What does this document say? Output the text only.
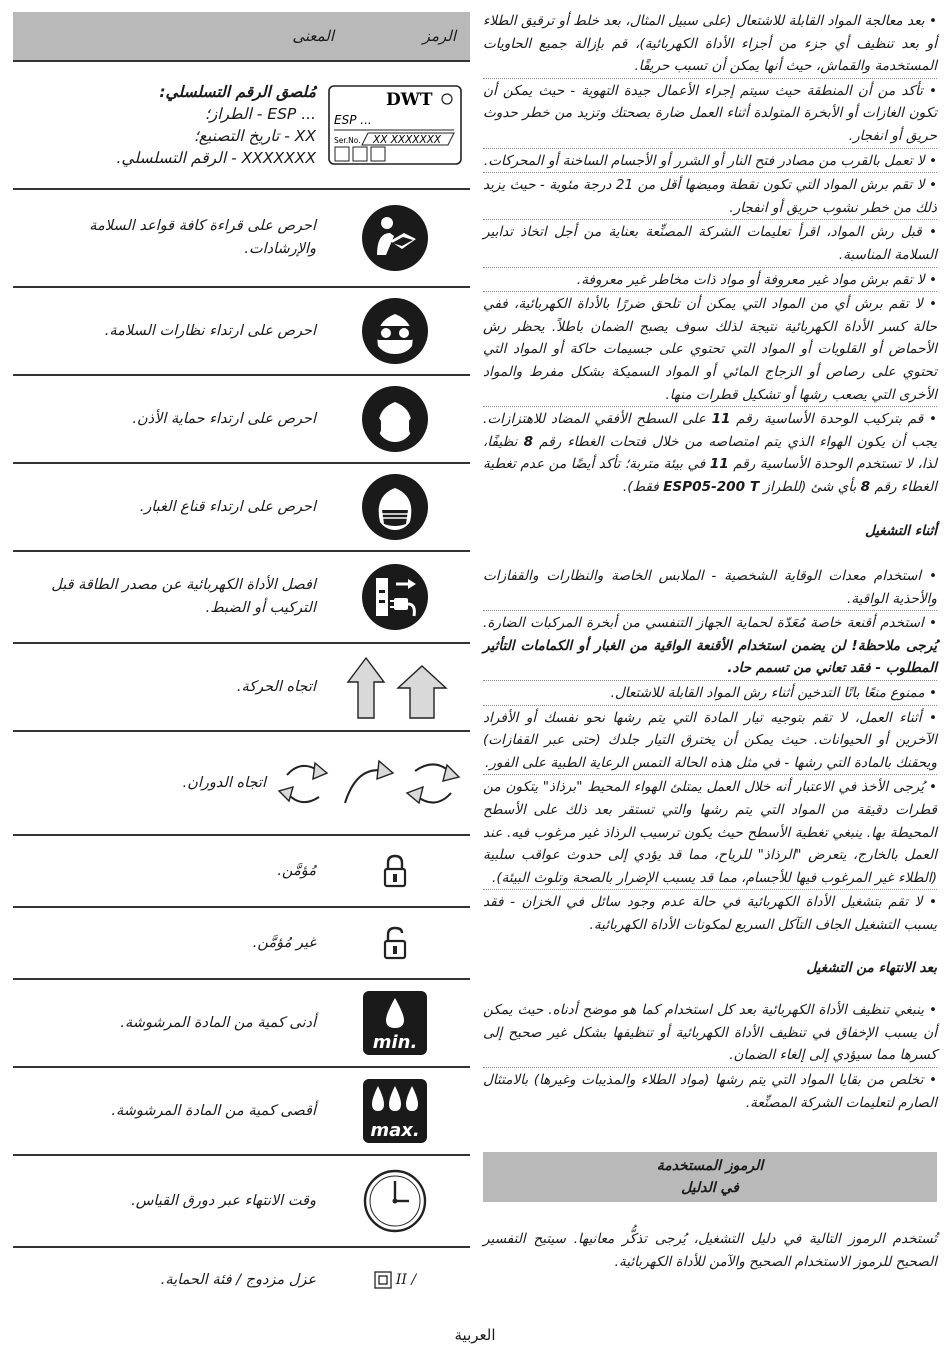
المعنى	الرمز
مُلصق الرقم التسلسلي:
... ESP - الطراز؛
XX - تاريخ التصنيع؛
XXXXXXX - الرقم التسلسلي.
DWT
ESP ...
Ser.No. XX XXXXXXX
احرص على قراءة كافة قواعد السلامة والإرشادات.
احرص على ارتداء نظارات السلامة.
احرص على ارتداء حماية الأذن.
احرص على ارتداء قناع الغبار.
افصل الأداة الكهربائية عن مصدر الطاقة قبل التركيب أو الضبط.
اتجاه الحركة.
اتجاه الدوران.
مُؤمَّن.
غير مُؤمَّن.
أدنى كمية من المادة المرشوشة.
min.
أقصى كمية من المادة المرشوشة.
max.
وقت الانتهاء عبر دورق القياس.
عزل مزدوج / فئة الحماية.	II /

• بعد معالجة المواد القابلة للاشتعال (على سبيل المثال، بعد خلط أو ترقيق الطلاء أو بعد تنظيف أي جزء من أجزاء الأداة الكهربائية)، قم بإزالة جميع الحاويات المستخدمة والقماش، حيث أنها يمكن أن تسبب حريقًا.

• تأكد من أن المنطقة حيث سيتم إجراء الأعمال جيدة التهوية - حيث يمكن أن تكون الغازات أو الأبخرة المتولدة أثناء العمل ضارة بصحتك وتزيد من خطر حدوث حريق أو انفجار.

• لا تعمل بالقرب من مصادر فتح النار أو الشرر أو الأجسام الساخنة أو المحركات.

• لا تقم برش المواد التي تكون نقطة وميضها أقل من 21 درجة مئوية - حيث يزيد ذلك من خطر نشوب حريق أو انفجار.

• قبل رش المواد، اقرأ تعليمات الشركة المصنِّعة بعناية من أجل اتخاذ تدابير السلامة المناسبة.

• لا تقم برش مواد غير معروفة أو مواد ذات مخاطر غير معروفة.

• لا تقم برش أي من المواد التي يمكن أن تلحق ضررًا بالأداة الكهربائية، ففي حالة كسر الأداة الكهربائية نتيجة لذلك سوف يصبح الضمان باطلاً. يحظر رش الأحماض أو القلويات أو المواد التي تحتوي على جسيمات حاكة أو المواد التي تحتوي على رصاص أو الزجاج المائي أو المواد السميكة بشكل مفرط والمواد الأخرى التي يصعب رشها أو تشكيل قطرات منها.

• قم بتركيب الوحدة الأساسية رقم 11 على السطح الأفقي المضاد للاهتزازات. يجب أن يكون الهواء الذي يتم امتصاصه من خلال فتحات الغطاء رقم 8 نظيفًا، لذا، لا تستخدم الوحدة الأساسية رقم 11 في بيئة متربة؛ تأكد أيضًا من عدم تغطية الغطاء رقم 8 بأي شئ (للطراز ESP05-200 T فقط).

أثناء التشغيل

• استخدام معدات الوقاية الشخصية - الملابس الخاصة والنظارات والقفازات والأحذية الواقية.

• استخدم أقنعة خاصة مُعَدّة لحماية الجهاز التنفسي من أبخرة المركبات الضارة. يُرجى ملاحظة! لن يضمن استخدام الأقنعة الواقية من الغبار أو الكمامات التأثير المطلوب - فقد تعاني من تسمم حاد.

• ممنوع منعًا باتًا التدخين أثناء رش المواد القابلة للاشتعال.

• أثناء العمل، لا تقم بتوجيه تيار المادة التي يتم رشها نحو نفسك أو الأفراد الآخرين أو الحيوانات. حيث يمكن أن يخترق التيار جلدك (حتى عبر القفازات) ويحقنك بالمادة التي رشها - في مثل هذه الحالة التمس الرعاية الطبية على الفور.

• يُرجى الأخذ في الاعتبار أنه خلال العمل يمتلئ الهواء المحيط "برذاذ" يتكون من قطرات دقيقة من المواد التي يتم رشها والتي تستقر بعد ذلك على الأسطح المحيطة بها. ينبغي تغطية الأسطح حيث يكون ترسيب الرذاذ غير مرغوب فيه. عند العمل بالخارج، يتعرض "الرذاذ" للرياح، مما قد يؤدي إلى حدوث عواقب سلبية (الطلاء غير المرغوب فيها للأجسام، مما قد يسبب الإضرار بالصحة وتلوث البيئة).

• لا تقم بتشغيل الأداة الكهربائية في حالة عدم وجود سائل في الخزان - فقد يسبب التشغيل الجاف التآكل السريع لمكونات الأداة الكهربائية.

بعد الانتهاء من التشغيل

• ينبغي تنظيف الأداة الكهربائية بعد كل استخدام كما هو موضح أدناه. حيث يمكن أن يسبب الإخفاق في تنظيف الأداة الكهربائية أو تنظيفها بشكل غير صحيح إلى كسرها مما سيؤدي إلى إلغاء الضمان.

• تخلص من بقايا المواد التي يتم رشها (مواد الطلاء والمذيبات وغيرها) بالامتثال الصارم لتعليمات الشركة المصنِّعة.

الرموز المستخدمة
في الدليل

تُستخدم الرموز التالية في دليل التشغيل، يُرجى تذكُّر معانيها. سيتيح التفسير الصحيح للرموز الاستخدام الصحيح والآمن للأداة الكهربائية.

العربية
